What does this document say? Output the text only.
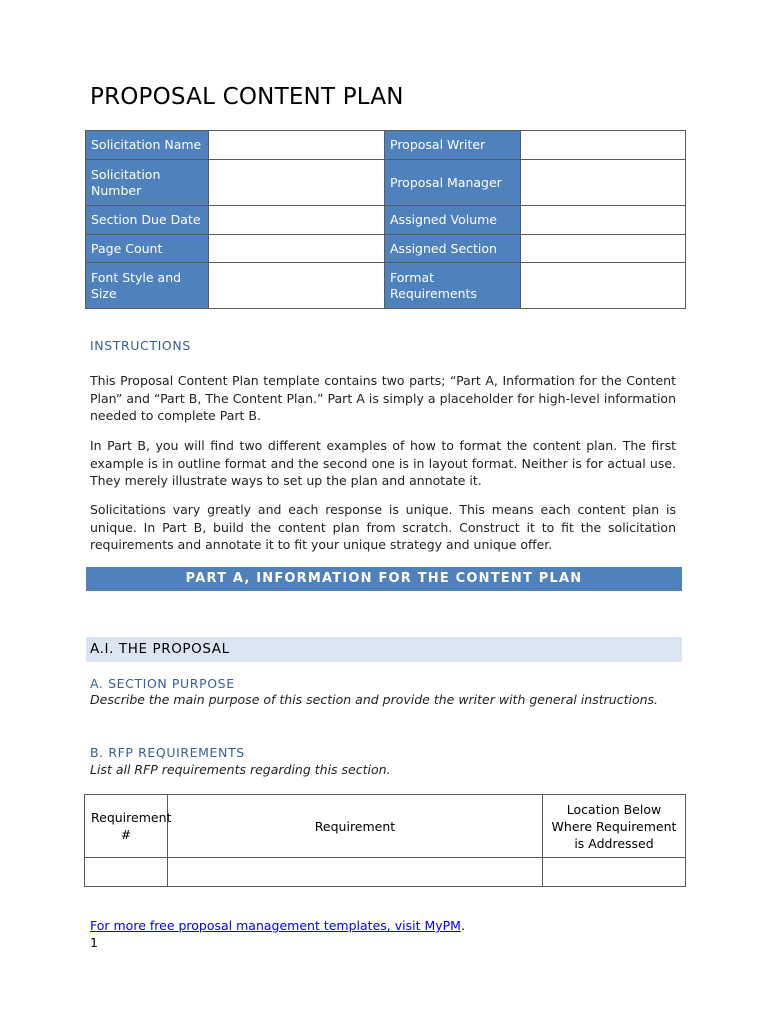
PROPOSAL CONTENT PLAN
Solicitation Name		Proposal Writer	
Solicitation Number		Proposal Manager	
Section Due Date		Assigned Volume	
Page Count		Assigned Section	
Font Style and Size		Format Requirements	
INSTRUCTIONS
This Proposal Content Plan template contains two parts; “Part A, Information for the Content Plan” and “Part B, The Content Plan.” Part A is simply a placeholder for high-level information needed to complete Part B.
In Part B, you will find two different examples of how to format the content plan. The first example is in outline format and the second one is in layout format. Neither is for actual use. They merely illustrate ways to set up the plan and annotate it.
Solicitations vary greatly and each response is unique. This means each content plan is unique. In Part B, build the content plan from scratch. Construct it to fit the solicitation requirements and annotate it to fit your unique strategy and unique offer.
PART A, INFORMATION FOR THE CONTENT PLAN
A.I. THE PROPOSAL
A. SECTION PURPOSE
Describe the main purpose of this section and provide the writer with general instructions.
B. RFP REQUIREMENTS
List all RFP requirements regarding this section.
Requirement #	Requirement	Location Below Where Requirement is Addressed

For more free proposal management templates, visit MyPM.
1
